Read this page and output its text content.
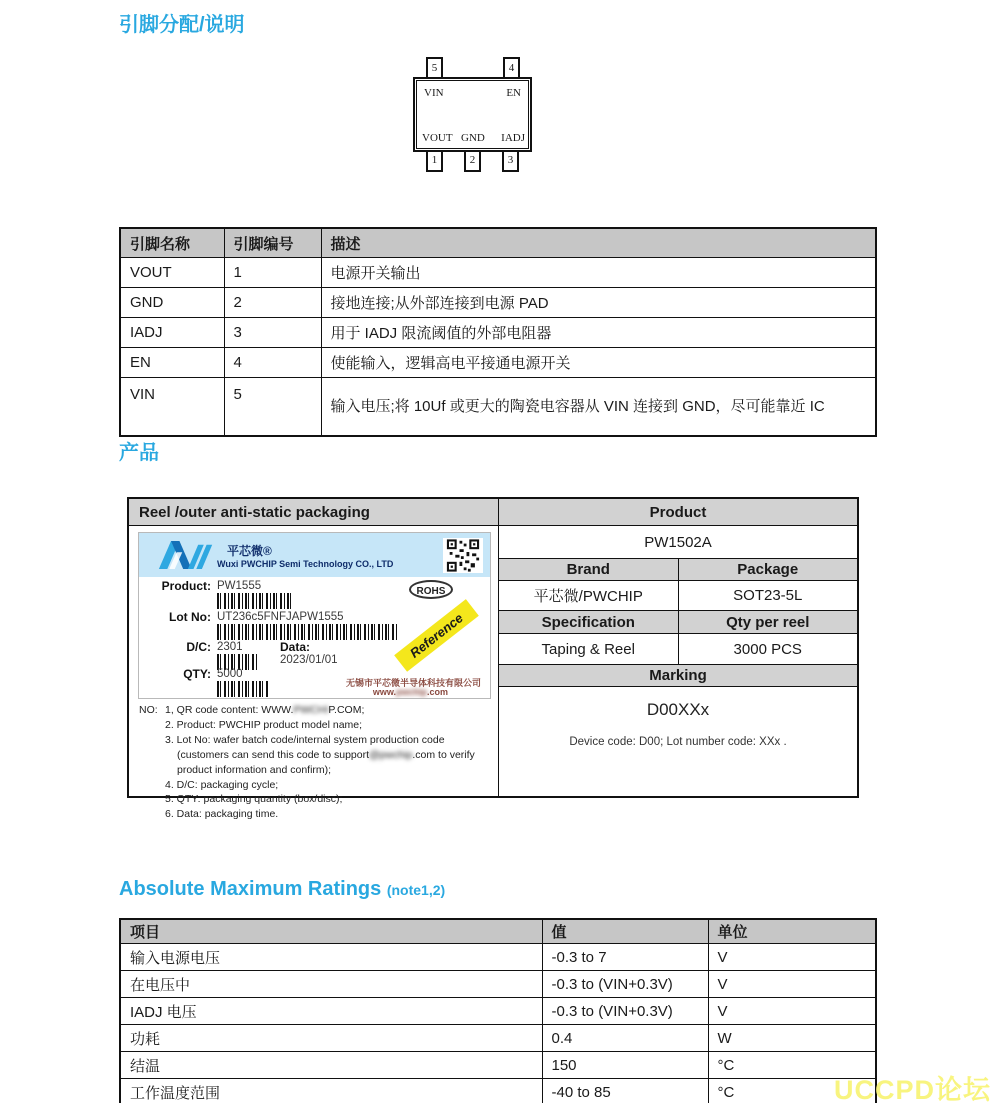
引脚分配/说明
5	4
VIN	EN
VOUT GND IADJ
1	2	3
引脚名称	引脚编号	描述
VOUT	1	电源开关输出
GND	2	接地连接;从外部连接到电源 PAD
IADJ	3	用于 IADJ 限流阈值的外部电阻器
EN	4	使能输入，逻辑高电平接通电源开关
VIN	5	输入电压;将 10Uf 或更大的陶瓷电容器从 VIN 连接到 GND，尽可能靠近 IC
产品
Reel /outer anti-static packaging
平芯微®
Wuxi PWCHIP Semi Technology CO., LTD
Product: PW1555	ROHS
Lot No: UT236c5FNFJAPW1555
D/C: 2301	Data:
2023/01/01
QTY: 5000
Reference
无锡市平芯微半导体科技有限公司
www.pwchip.com
NO: 1, QR code content: WWW.PWCHIP.COM;
2. Product: PWCHIP product model name;
3. Lot No: wafer batch code/internal system production code (customers can send this code to support@pwchip.com to verify product information and confirm);
4. D/C: packaging cycle;
5. QTY: packaging quantity (box/disc);
6. Data: packaging time.
Product
PW1502A
Brand	Package
平芯微/PWCHIP	SOT23-5L
Specification	Qty per reel
Taping & Reel	3000 PCS
Marking
D00XXx
Device code: D00; Lot number code: XXx .
Absolute Maximum Ratings (note1,2)
项目	值	单位
输入电源电压	-0.3 to 7	V
在电压中	-0.3 to (VIN+0.3V)	V
IADJ 电压	-0.3 to (VIN+0.3V)	V
功耗	0.4	W
结温	150	°C
工作温度范围	-40 to 85	°C	UCCPD论坛
